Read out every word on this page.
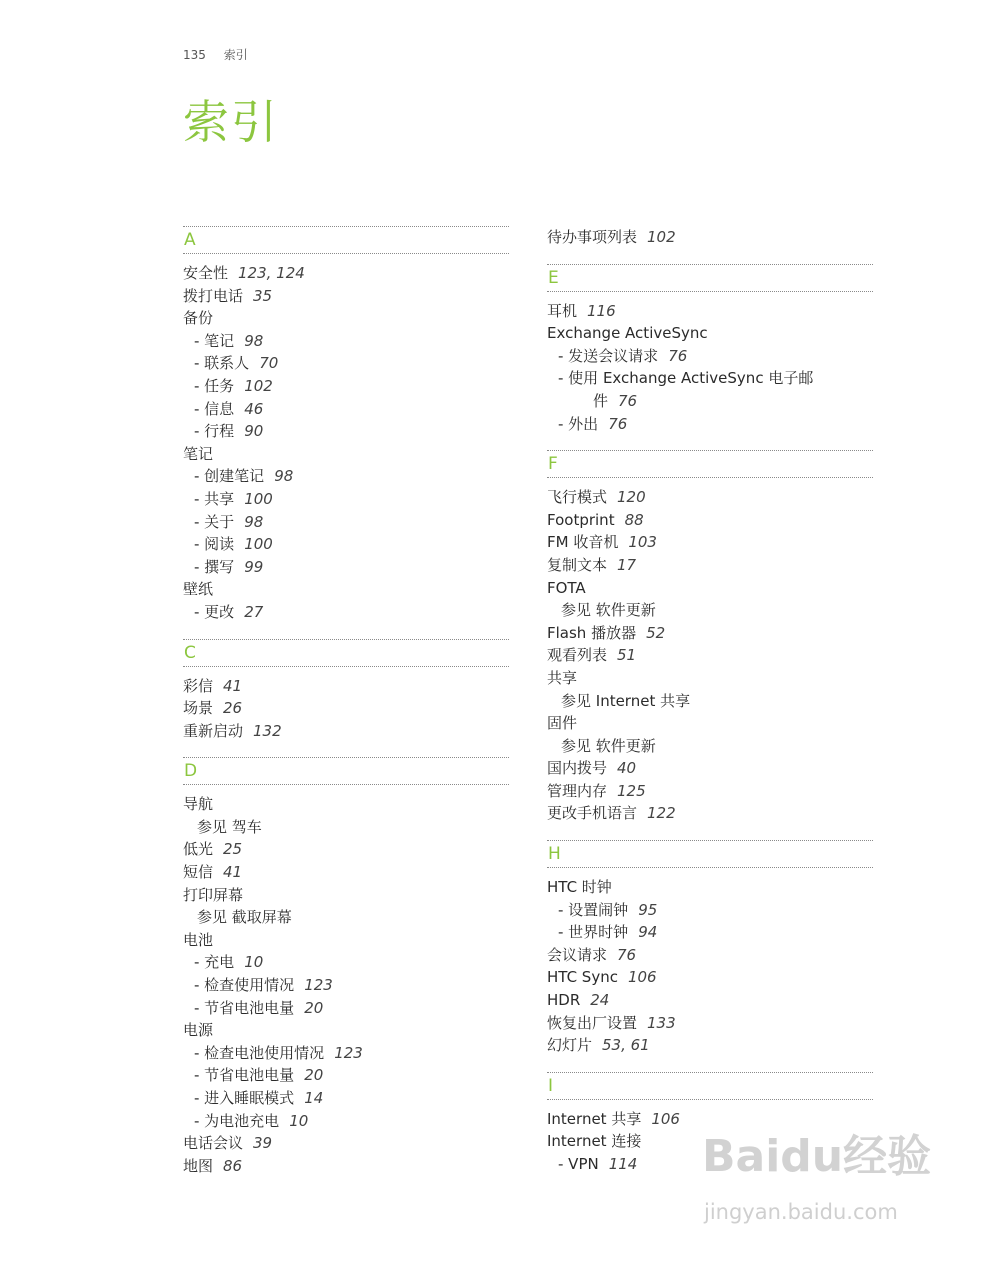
135 索引
索引
A
安全性 123, 124
拨打电话 35
备份
- 笔记 98
- 联系人 70
- 任务 102
- 信息 46
- 行程 90
笔记
- 创建笔记 98
- 共享 100
- 关于 98
- 阅读 100
- 撰写 99
壁纸
- 更改 27
C
彩信 41
场景 26
重新启动 132
D
导航
参见 驾车
低光 25
短信 41
打印屏幕
参见 截取屏幕
电池
- 充电 10
- 检查使用情况 123
- 节省电池电量 20
电源
- 检查电池使用情况 123
- 节省电池电量 20
- 进入睡眠模式 14
- 为电池充电 10
电话会议 39
地图 86
待办事项列表 102
E
耳机 116
Exchange ActiveSync
- 发送会议请求 76
- 使用 Exchange ActiveSync 电子邮
件 76
- 外出 76
F
飞行模式 120
Footprint 88
FM 收音机 103
复制文本 17
FOTA
参见 软件更新
Flash 播放器 52
观看列表 51
共享
参见 Internet 共享
固件
参见 软件更新
国内拨号 40
管理内存 125
更改手机语言 122
H
HTC 时钟
- 设置闹钟 95
- 世界时钟 94
会议请求 76
HTC Sync 106
HDR 24
恢复出厂设置 133
幻灯片 53, 61
I
Internet 共享 106
Internet 连接
- VPN 114	Baidu经验
jingyan.baidu.com
